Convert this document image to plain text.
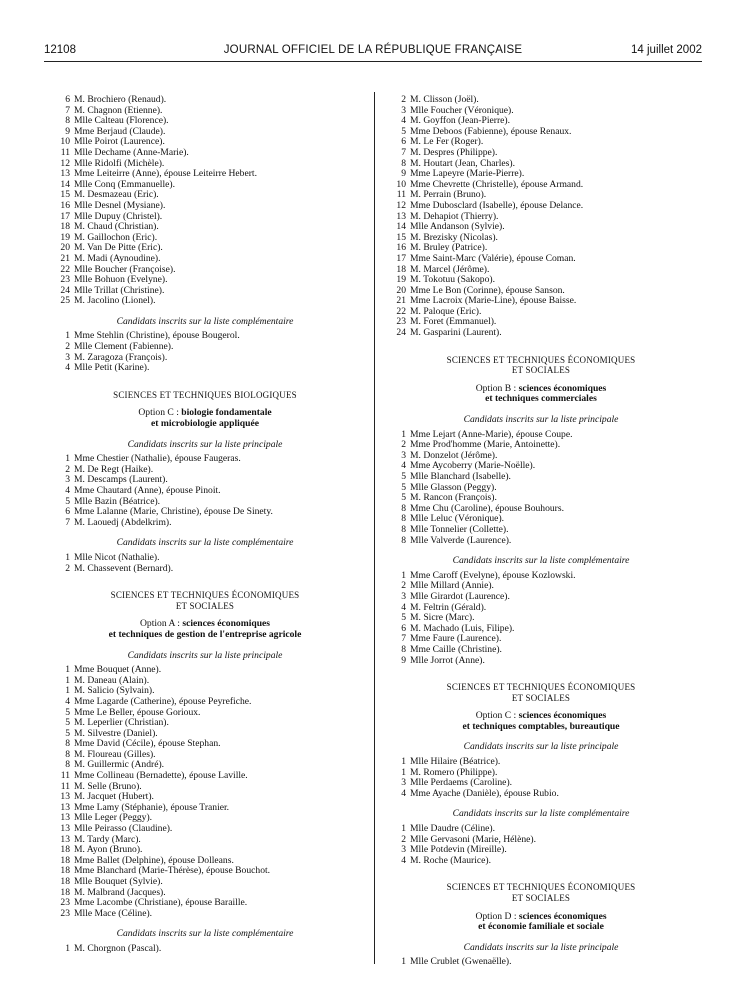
12108	JOURNAL OFFICIEL DE LA RÉPUBLIQUE FRANÇAISE	14 juillet 2002
6 M. Brochiero (Renaud).
7 M. Chagnon (Etienne).
8 Mlle Calteau (Florence).
9 Mme Berjaud (Claude).
10 Mlle Poirot (Laurence).
11 Mlle Dechame (Anne-Marie).
12 Mlle Ridolfi (Michèle).
13 Mme Leiteirre (Anne), épouse Leiteirre Hebert.
14 Mlle Conq (Emmanuelle).
15 M. Desmazeau (Eric).
16 Mlle Desnel (Mysiane).
17 Mlle Dupuy (Christel).
18 M. Chaud (Christian).
19 M. Gaillochon (Eric).
20 M. Van De Pitte (Eric).
21 M. Madi (Aynoudine).
22 Mlle Boucher (Françoise).
23 Mlle Bohuon (Evelyne).
24 Mlle Trillat (Christine).
25 M. Jacolino (Lionel).
Candidats inscrits sur la liste complémentaire
1 Mme Stehlin (Christine), épouse Bougerol.
2 Mlle Clement (Fabienne).
3 M. Zaragoza (François).
4 Mlle Petit (Karine).
SCIENCES ET TECHNIQUES BIOLOGIQUES
Option C : biologie fondamentale
et microbiologie appliquée
Candidats inscrits sur la liste principale
1 Mme Chestier (Nathalie), épouse Faugeras.
2 M. De Regt (Haike).
3 M. Descamps (Laurent).
4 Mme Chautard (Anne), épouse Pinoit.
5 Mlle Bazin (Béatrice).
6 Mme Lalanne (Marie, Christine), épouse De Sinety.
7 M. Laouedj (Abdelkrim).
Candidats inscrits sur la liste complémentaire
1 Mlle Nicot (Nathalie).
2 M. Chassevent (Bernard).
SCIENCES ET TECHNIQUES ÉCONOMIQUES
ET SOCIALES
Option A : sciences économiques
et techniques de gestion de l'entreprise agricole
Candidats inscrits sur la liste principale
1 Mme Bouquet (Anne).
1 M. Daneau (Alain).
1 M. Salicio (Sylvain).
4 Mme Lagarde (Catherine), épouse Peyrefiche.
5 Mme Le Beller, épouse Gorioux.
5 M. Leperlier (Christian).
5 M. Silvestre (Daniel).
8 Mme David (Cécile), épouse Stephan.
8 M. Floureau (Gilles).
8 M. Guillermic (André).
11 Mme Collineau (Bernadette), épouse Laville.
11 M. Selle (Bruno).
13 M. Jacquet (Hubert).
13 Mme Lamy (Stéphanie), épouse Tranier.
13 Mlle Leger (Peggy).
13 Mlle Peirasso (Claudine).
13 M. Tardy (Marc).
18 M. Ayon (Bruno).
18 Mme Ballet (Delphine), épouse Dolleans.
18 Mme Blanchard (Marie-Thérèse), épouse Bouchot.
18 Mlle Bouquet (Sylvie).
18 M. Malbrand (Jacques).
23 Mme Lacombe (Christiane), épouse Baraille.
23 Mlle Mace (Céline).
Candidats inscrits sur la liste complémentaire
1 M. Chorgnon (Pascal).
2 M. Clisson (Joël).
3 Mlle Foucher (Véronique).
4 M. Goyffon (Jean-Pierre).
5 Mme Deboos (Fabienne), épouse Renaux.
6 M. Le Fer (Roger).
7 M. Despres (Philippe).
8 M. Houtart (Jean, Charles).
9 Mme Lapeyre (Marie-Pierre).
10 Mme Chevrette (Christelle), épouse Armand.
11 M. Perrain (Bruno).
12 Mme Dubosclard (Isabelle), épouse Delance.
13 M. Dehapiot (Thierry).
14 Mlle Andanson (Sylvie).
15 M. Brezisky (Nicolas).
16 M. Bruley (Patrice).
17 Mme Saint-Marc (Valérie), épouse Coman.
18 M. Marcel (Jérôme).
19 M. Tokotuu (Sakopo).
20 Mme Le Bon (Corinne), épouse Sanson.
21 Mme Lacroix (Marie-Line), épouse Baisse.
22 M. Paloque (Eric).
23 M. Foret (Emmanuel).
24 M. Gasparini (Laurent).
SCIENCES ET TECHNIQUES ÉCONOMIQUES
ET SOCIALES
Option B : sciences économiques
et techniques commerciales
Candidats inscrits sur la liste principale
1 Mme Lejart (Anne-Marie), épouse Coupe.
2 Mme Prod'homme (Marie, Antoinette).
3 M. Donzelot (Jérôme).
4 Mme Aycoberry (Marie-Noëlle).
5 Mlle Blanchard (Isabelle).
5 Mlle Glasson (Peggy).
5 M. Rancon (François).
8 Mme Chu (Caroline), épouse Bouhours.
8 Mlle Leluc (Véronique).
8 Mlle Tonnelier (Collette).
8 Mlle Valverde (Laurence).
Candidats inscrits sur la liste complémentaire
1 Mme Caroff (Evelyne), épouse Kozlowski.
2 Mlle Millard (Annie).
3 Mlle Girardot (Laurence).
4 M. Feltrin (Gérald).
5 M. Sicre (Marc).
6 M. Machado (Luis, Filipe).
7 Mme Faure (Laurence).
8 Mme Caille (Christine).
9 Mlle Jorrot (Anne).
SCIENCES ET TECHNIQUES ÉCONOMIQUES
ET SOCIALES
Option C : sciences économiques
et techniques comptables, bureautique
Candidats inscrits sur la liste principale
1 Mlle Hilaire (Béatrice).
1 M. Romero (Philippe).
3 Mlle Perdaems (Caroline).
4 Mme Ayache (Danièle), épouse Rubio.
Candidats inscrits sur la liste complémentaire
1 Mlle Daudre (Céline).
2 Mlle Gervasoni (Marie, Hélène).
3 Mlle Potdevin (Mireille).
4 M. Roche (Maurice).
SCIENCES ET TECHNIQUES ÉCONOMIQUES
ET SOCIALES
Option D : sciences économiques
et économie familiale et sociale
Candidats inscrits sur la liste principale
1 Mlle Crublet (Gwenaëlle).
